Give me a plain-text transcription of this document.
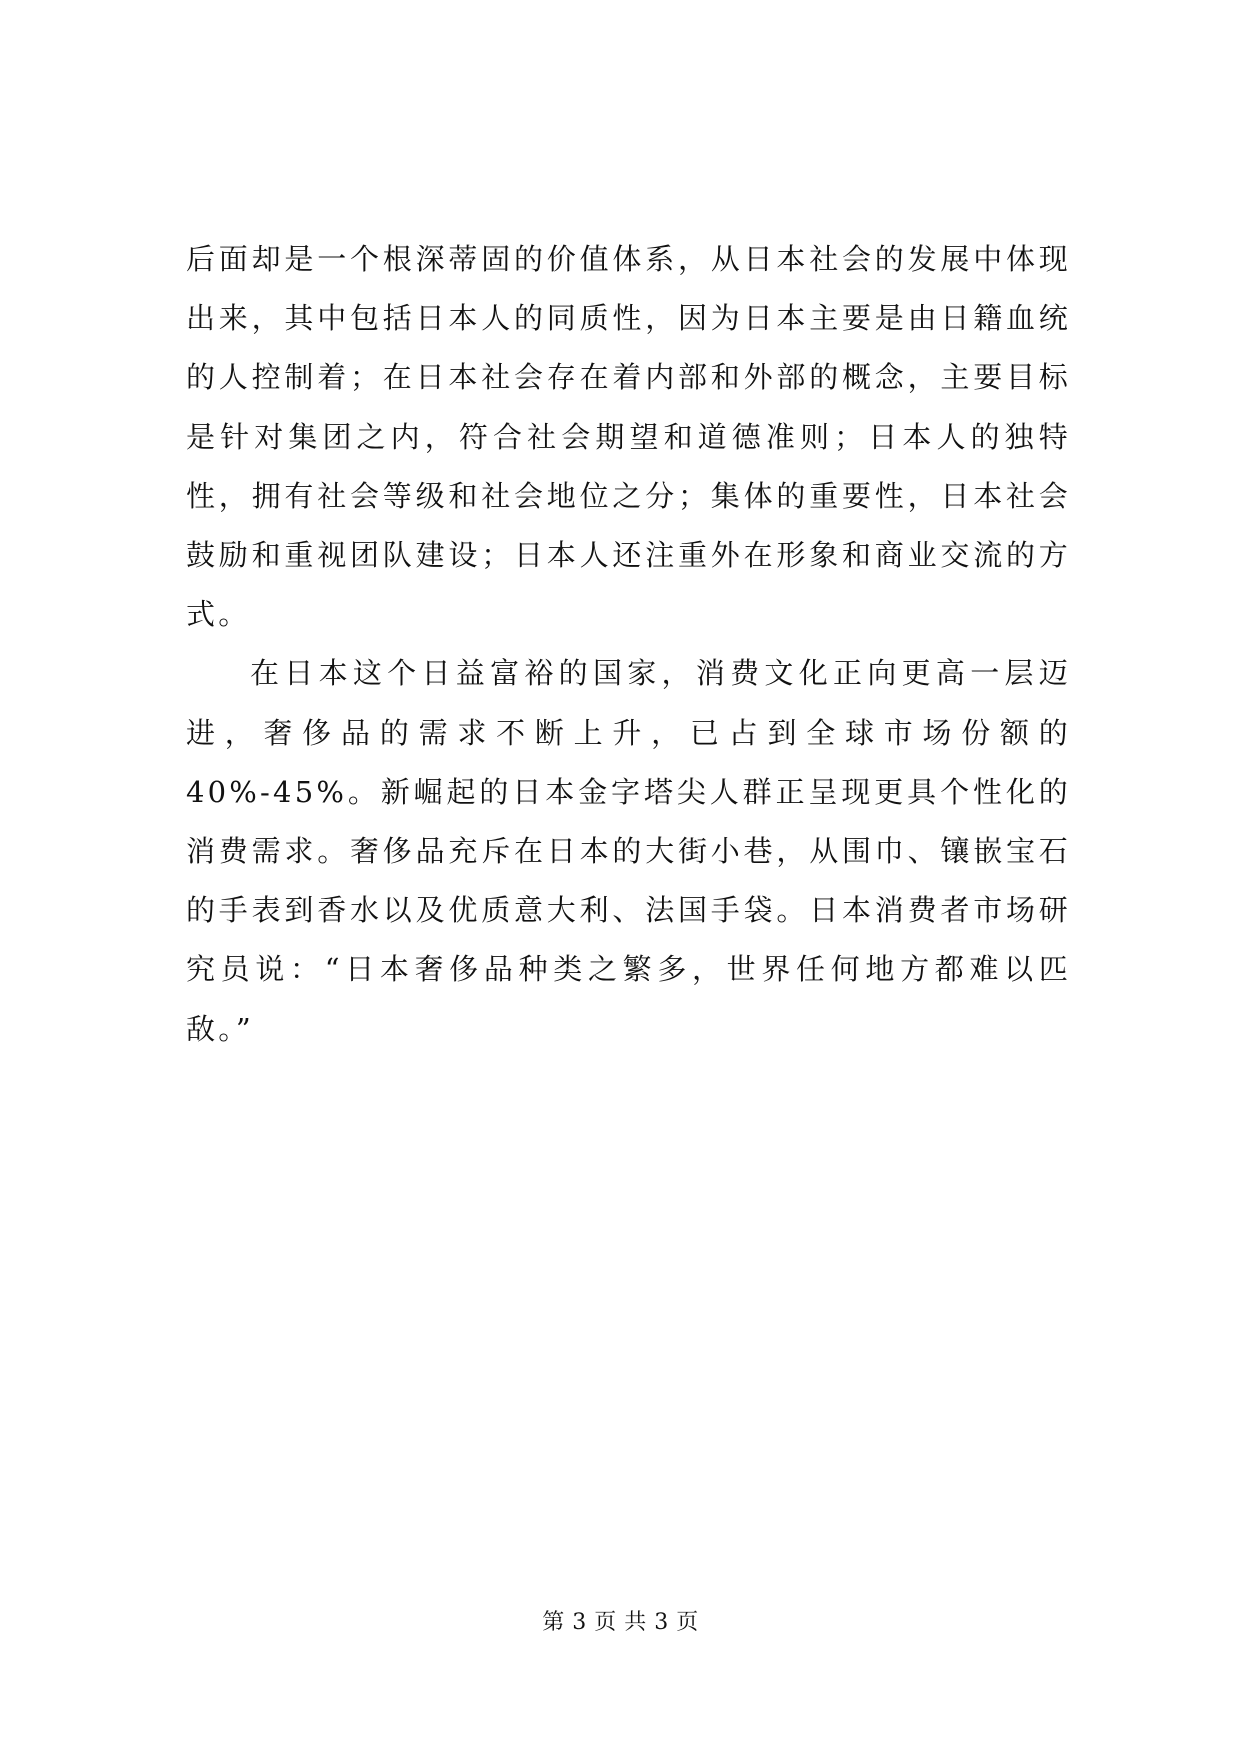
后面却是一个根深蒂固的价值体系，从日本社会的发展中体现出来，其中包括日本人的同质性，因为日本主要是由日籍血统的人控制着；在日本社会存在着内部和外部的概念，主要目标是针对集团之内，符合社会期望和道德准则；日本人的独特性，拥有社会等级和社会地位之分；集体的重要性，日本社会鼓励和重视团队建设；日本人还注重外在形象和商业交流的方式。

在日本这个日益富裕的国家，消费文化正向更高一层迈进，奢侈品的需求不断上升，已占到全球市场份额的40%-45%。新崛起的日本金字塔尖人群正呈现更具个性化的消费需求。奢侈品充斥在日本的大街小巷，从围巾、镶嵌宝石的手表到香水以及优质意大利、法国手袋。日本消费者市场研究员说：“日本奢侈品种类之繁多，世界任何地方都难以匹敌。”

第 3 页 共 3 页
